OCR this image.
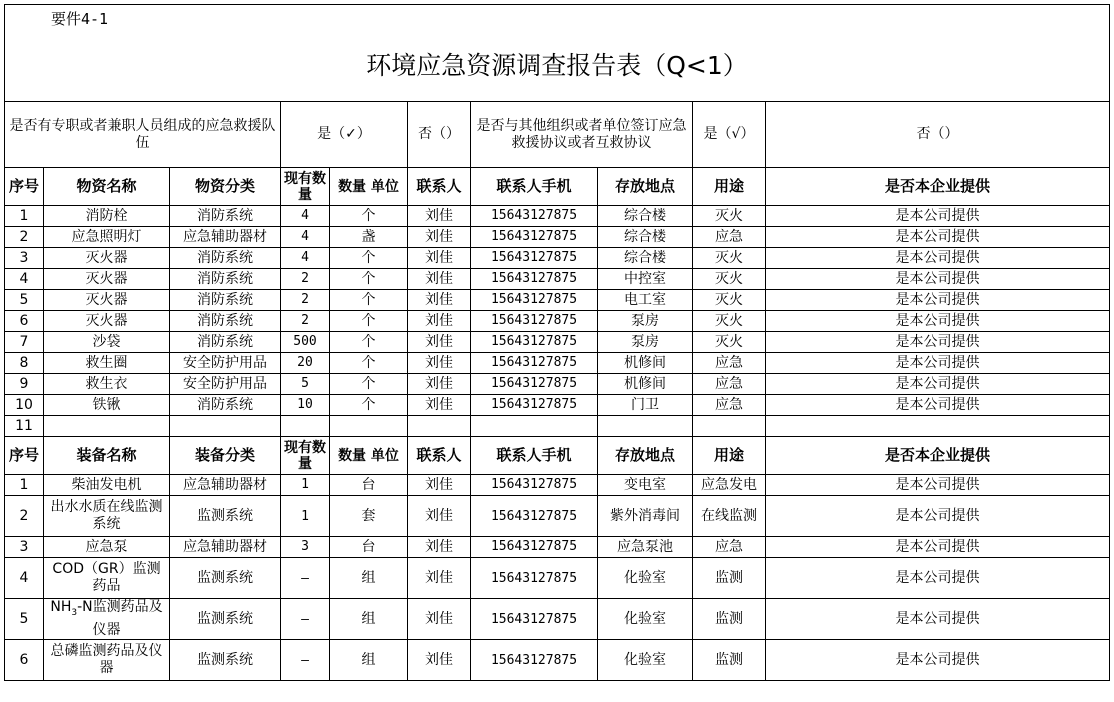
要件4-1
环境应急资源调查报告表（Q<1）									

是否有专职或者兼职人员组成的应急救援队伍			是（✓）		否（）	是否与其他组织或者单位签订应急救援协议或者互救协议		是（√）	否（）
序号	物资名称	物资分类	现有数量	数量 单位	联系人	联系人手机	存放地点	用途	是否本企业提供
1	消防栓	消防系统	4	个	刘佳	15643127875	综合楼	灭火	是本公司提供
2	应急照明灯	应急辅助器材	4	盏	刘佳	15643127875	综合楼	应急	是本公司提供
3	灭火器	消防系统	4	个	刘佳	15643127875	综合楼	灭火	是本公司提供
4	灭火器	消防系统	2	个	刘佳	15643127875	中控室	灭火	是本公司提供
5	灭火器	消防系统	2	个	刘佳	15643127875	电工室	灭火	是本公司提供
6	灭火器	消防系统	2	个	刘佳	15643127875	泵房	灭火	是本公司提供
7	沙袋	消防系统	500	个	刘佳	15643127875	泵房	灭火	是本公司提供
8	救生圈	安全防护用品	20	个	刘佳	15643127875	机修间	应急	是本公司提供
9	救生衣	安全防护用品	5	个	刘佳	15643127875	机修间	应急	是本公司提供
10	铁锹	消防系统	10	个	刘佳	15643127875	门卫	应急	是本公司提供
11									
序号	装备名称	装备分类	现有数量	数量 单位	联系人	联系人手机	存放地点	用途	是否本企业提供
1	柴油发电机	应急辅助器材	1	台	刘佳	15643127875	变电室	应急发电	是本公司提供
2	出水水质在线监测系统	监测系统	1	套	刘佳	15643127875	紫外消毒间	在线监测	是本公司提供
3	应急泵	应急辅助器材	3	台	刘佳	15643127875	应急泵池	应急	是本公司提供
4	COD（GR）监测药品	监测系统	—	组	刘佳	15643127875	化验室	监测	是本公司提供
5	$NH_3-N$监测药品及仪器	监测系统	—	组	刘佳	15643127875	化验室	监测	是本公司提供
6	总磷监测药品及仪器	监测系统	—	组	刘佳	15643127875	化验室	监测	是本公司提供
